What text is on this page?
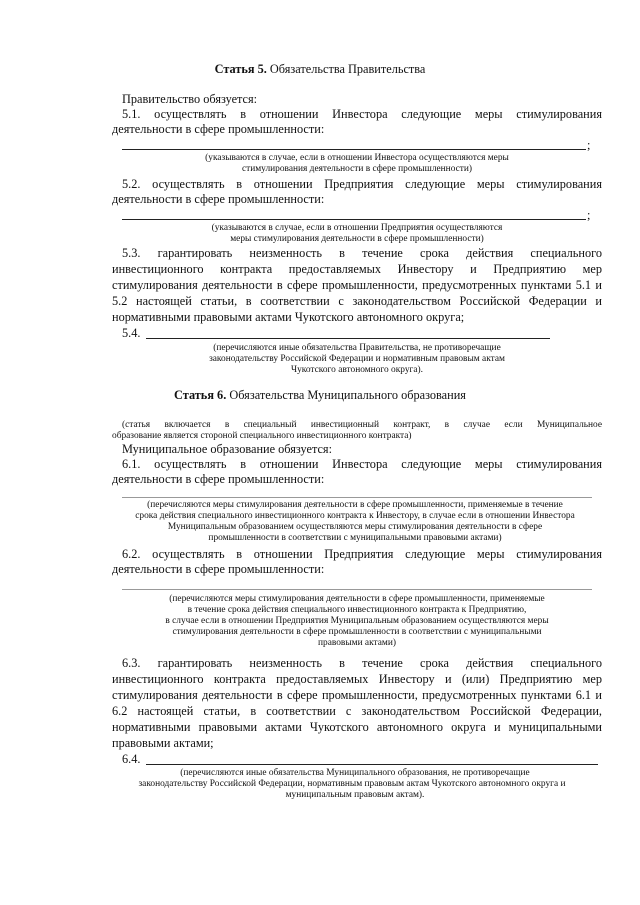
Статья 5. Обязательства Правительства
Правительство обязуется:
5.1. осуществлять в отношении Инвестора следующие меры стимулирования
деятельности в сфере промышленности:
;
(указываются в случае, если в отношении Инвестора осуществляются меры
стимулирования деятельности в сфере промышленности)
5.2. осуществлять в отношении Предприятия следующие меры стимулирования
деятельности в сфере промышленности:
;
(указываются в случае, если в отношении Предприятия осуществляются
меры стимулирования деятельности в сфере промышленности)
5.3. гарантировать неизменность в течение срока действия специального
инвестиционного контракта предоставляемых Инвестору и Предприятию мер
стимулирования деятельности в сфере промышленности, предусмотренных пунктами 5.1 и
5.2 настоящей статьи, в соответствии с законодательством Российской Федерации и
нормативными правовыми актами Чукотского автономного округа;
5.4.
(перечисляются иные обязательства Правительства, не противоречащие
законодательству Российской Федерации и нормативным правовым актам
Чукотского автономного округа).
Статья 6. Обязательства Муниципального образования
(статья включается в специальный инвестиционный контракт, в случае если Муниципальное
образование является стороной специального инвестиционного контракта)
Муниципальное образование обязуется:
6.1. осуществлять в отношении Инвестора следующие меры стимулирования
деятельности в сфере промышленности:
(перечисляются меры стимулирования деятельности в сфере промышленности, применяемые в течение
срока действия специального инвестиционного контракта к Инвестору, в случае если в отношении Инвестора
Муниципальным образованием осуществляются меры стимулирования деятельности в сфере
промышленности в соответствии с муниципальными правовыми актами)
6.2. осуществлять в отношении Предприятия следующие меры стимулирования
деятельности в сфере промышленности:
(перечисляются меры стимулирования деятельности в сфере промышленности, применяемые
в течение срока действия специального инвестиционного контракта к Предприятию,
в случае если в отношении Предприятия Муниципальным образованием осуществляются меры
стимулирования деятельности в сфере промышленности в соответствии с муниципальными
правовыми актами)
6.3. гарантировать неизменность в течение срока действия специального
инвестиционного контракта предоставляемых Инвестору и (или) Предприятию мер
стимулирования деятельности в сфере промышленности, предусмотренных пунктами 6.1 и
6.2 настоящей статьи, в соответствии с законодательством Российской Федерации,
нормативными правовыми актами Чукотского автономного округа и муниципальными
правовыми актами;
6.4.
(перечисляются иные обязательства Муниципального образования, не противоречащие
законодательству Российской Федерации, нормативным правовым актам Чукотского автономного округа и
муниципальным правовым актам).
